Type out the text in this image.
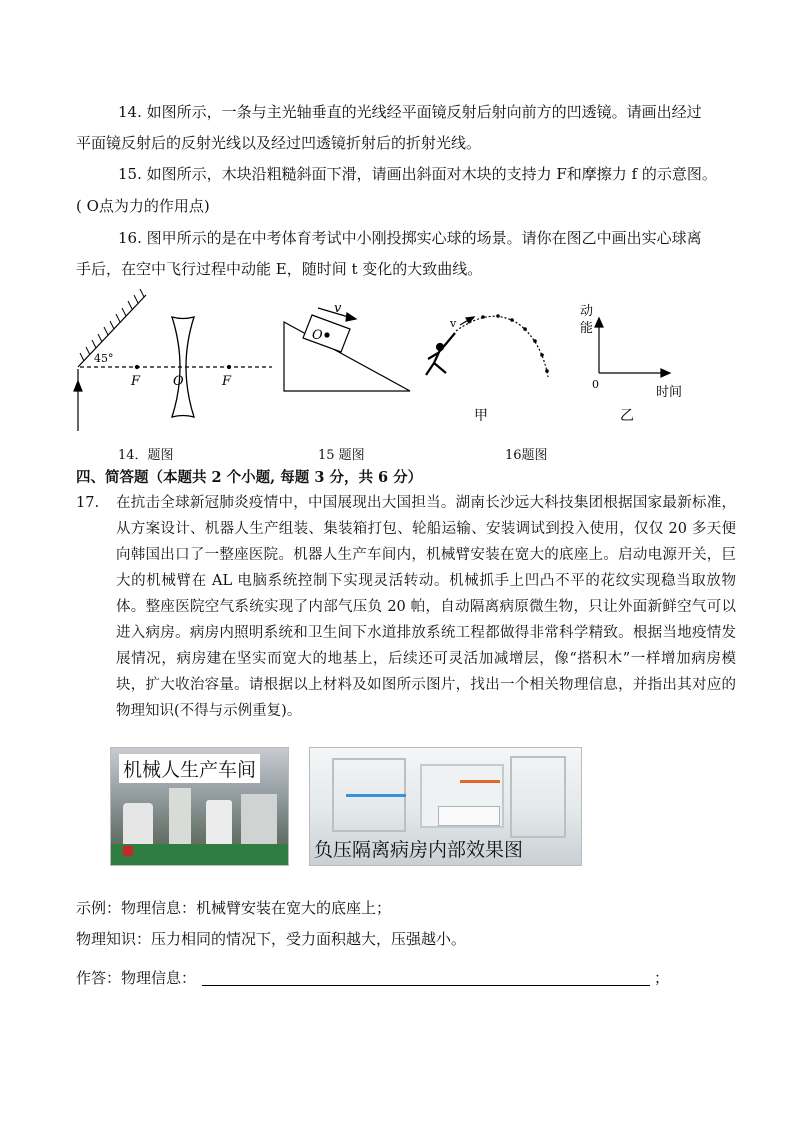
14. 如图所示，一条与主光轴垂直的光线经平面镜反射后射向前方的凹透镜。请画出经过
平面镜反射后的反射光线以及经过凹透镜折射后的折射光线。
15. 如图所示，木块沿粗糙斜面下滑，请画出斜面对木块的支持力 F和摩擦力 f 的示意图。
( O点为力的作用点)
16. 图甲所示的是在中考体育考试中小刚投掷实心球的场景。请你在图乙中画出实心球离
手后，在空中飞行过程中动能 E，随时间 t 变化的大致曲线。
45°
F	O	F
v
O
v
甲
动
能
0
时间
乙
14．题图	15 题图	16题图
四、简答题（本题共 2 个小题, 每题 3 分，共 6 分）
17. 在抗击全球新冠肺炎疫情中，中国展现出大国担当。湖南长沙远大科技集团根据国家最新标准，从方案设计、机器人生产组装、集装箱打包、轮船运输、安装调试到投入使用，仅仅 20 多天便向韩国出口了一整座医院。机器人生产车间内，机械臂安装在宽大的底座上。启动电源开关，巨大的机械臂在 AL 电脑系统控制下实现灵活转动。机械抓手上凹凸不平的花纹实现稳当取放物体。整座医院空气系统实现了内部气压负 20 帕，自动隔离病原微生物，只让外面新鲜空气可以进入病房。病房内照明系统和卫生间下水道排放系统工程都做得非常科学精致。根据当地疫情发展情况，病房建在坚实而宽大的地基上，后续还可灵活加减增层，像“搭积木”一样增加病房模块，扩大收治容量。请根据以上材料及如图所示图片，找出一个相关物理信息，并指出其对应的物理知识(不得与示例重复)。
机械人生产车间
负压隔离病房内部效果图
示例：物理信息：机械臂安装在宽大的底座上；
物理知识：压力相同的情况下，受力面积越大，压强越小。
作答：物理信息：	；
